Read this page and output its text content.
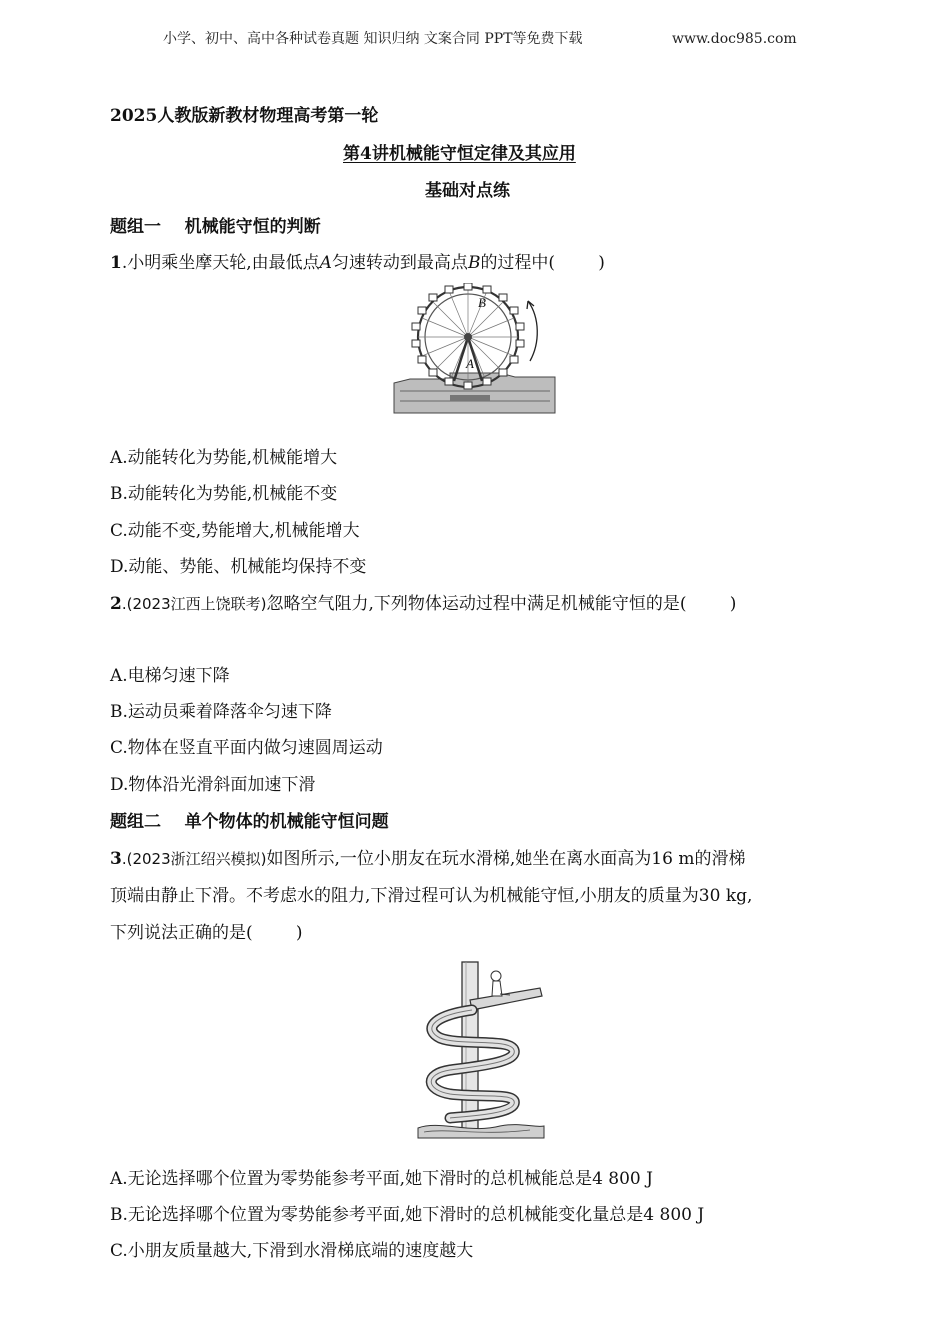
小学、初中、高中各种试卷真题 知识归纳 文案合同 PPT等免费下载	www.doc985.com
2025人教版新教材物理高考第一轮
第4讲机械能守恒定律及其应用
基础对点练
题组一    机械能守恒的判断
1.小明乘坐摩天轮,由最低点A匀速转动到最高点B的过程中(        )
B
A
A.动能转化为势能,机械能增大
B.动能转化为势能,机械能不变
C.动能不变,势能增大,机械能增大
D.动能、势能、机械能均保持不变
2.(2023江西上饶联考)忽略空气阻力,下列物体运动过程中满足机械能守恒的是(        )
A.电梯匀速下降
B.运动员乘着降落伞匀速下降
C.物体在竖直平面内做匀速圆周运动
D.物体沿光滑斜面加速下滑
题组二    单个物体的机械能守恒问题
3.(2023浙江绍兴模拟)如图所示,一位小朋友在玩水滑梯,她坐在离水面高为16 m的滑梯
顶端由静止下滑。不考虑水的阻力,下滑过程可认为机械能守恒,小朋友的质量为30 kg,
下列说法正确的是(        )
A.无论选择哪个位置为零势能参考平面,她下滑时的总机械能总是4 800 J
B.无论选择哪个位置为零势能参考平面,她下滑时的总机械能变化量总是4 800 J
C.小朋友质量越大,下滑到水滑梯底端的速度越大
